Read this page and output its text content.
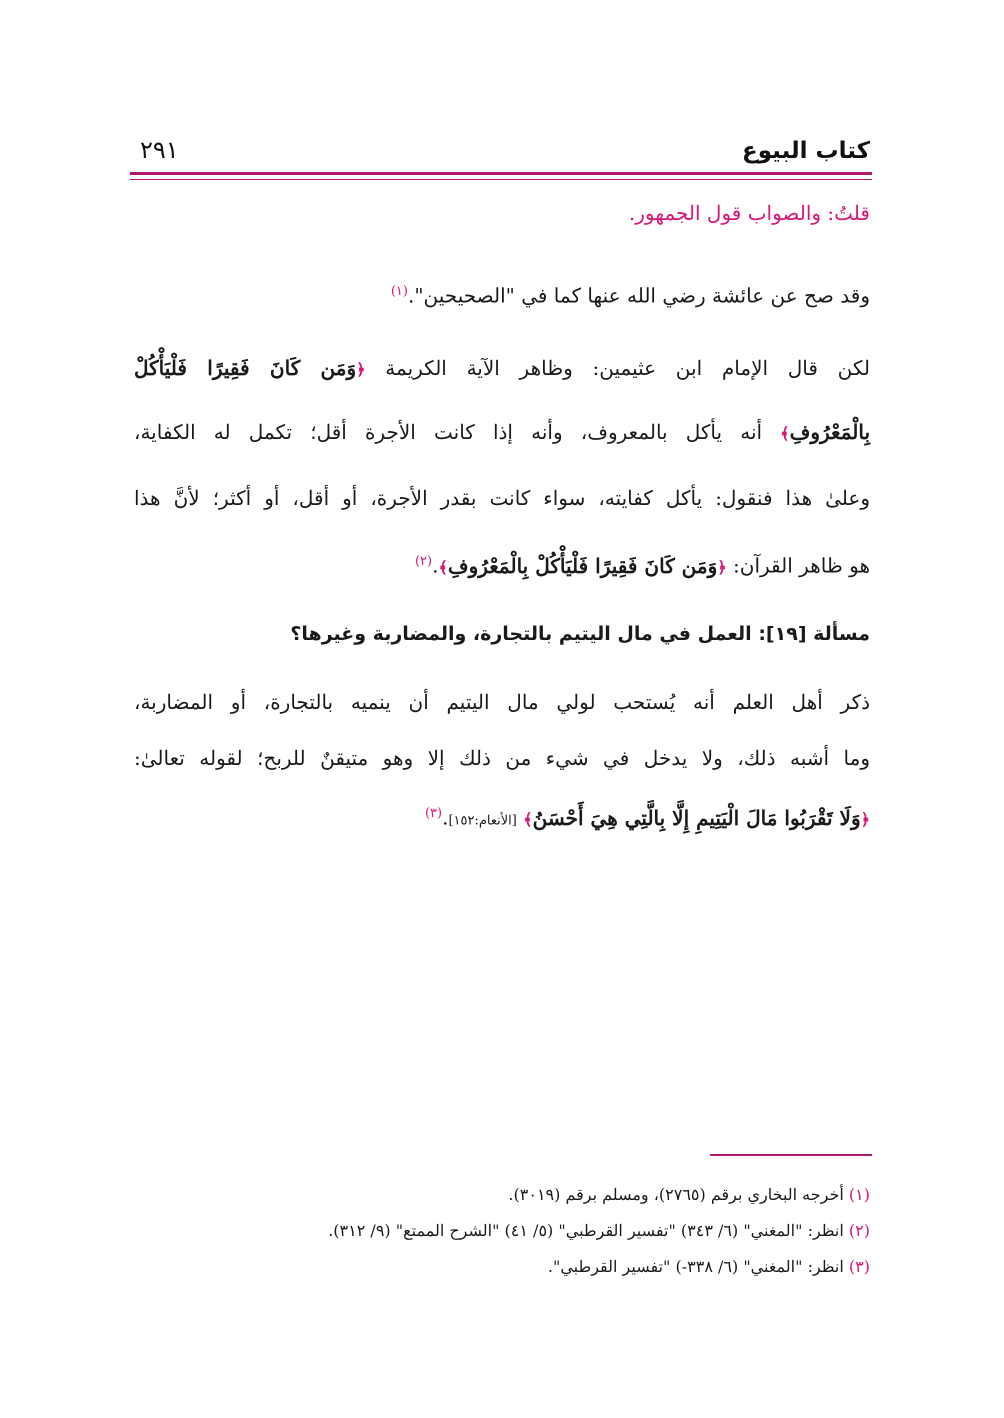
كتاب البيوع
٢٩١
قلتُ: والصواب قول الجمهور.
وقد صح عن عائشة رضي الله عنها كما في "الصحيحين".$^{(١)}$
لكن قال الإمام ابن عثيمين: وظاهر الآية الكريمة ﴿وَمَن كَانَ فَقِيرًا فَلْيَأْكُلْ
بِالْمَعْرُوفِ﴾ أنه يأكل بالمعروف، وأنه إذا كانت الأجرة أقل؛ تكمل له الكفاية،
وعلىٰ هذا فنقول: يأكل كفايته، سواء كانت بقدر الأجرة، أو أقل، أو أكثر؛ لأنَّ هذا
هو ظاهر القرآن: ﴿وَمَن كَانَ فَقِيرًا فَلْيَأْكُلْ بِالْمَعْرُوفِ﴾.$^{(٢)}$
مسألة [١٩]: العمل في مال اليتيم بالتجارة، والمضاربة وغيرها؟
ذكر أهل العلم أنه يُستحب لولي مال اليتيم أن ينميه بالتجارة، أو المضاربة،
وما أشبه ذلك، ولا يدخل في شيء من ذلك إلا وهو متيقنٌ للربح؛ لقوله تعالىٰ:
﴿وَلَا تَقْرَبُوا مَالَ الْيَتِيمِ إِلَّا بِالَّتِي هِيَ أَحْسَنُ﴾ [الأنعام:١٥٢].$^{(٣)}$
(١) أخرجه البخاري برقم (٢٧٦٥)، ومسلم برقم (٣٠١٩).
(٢) انظر: "المغني" (٦/ ٣٤٣) "تفسير القرطبي" (٥/ ٤١) "الشرح الممتع" (٩/ ٣١٢).
(٣) انظر: "المغني" (٦/ ٣٣٨-) "تفسير القرطبي".
